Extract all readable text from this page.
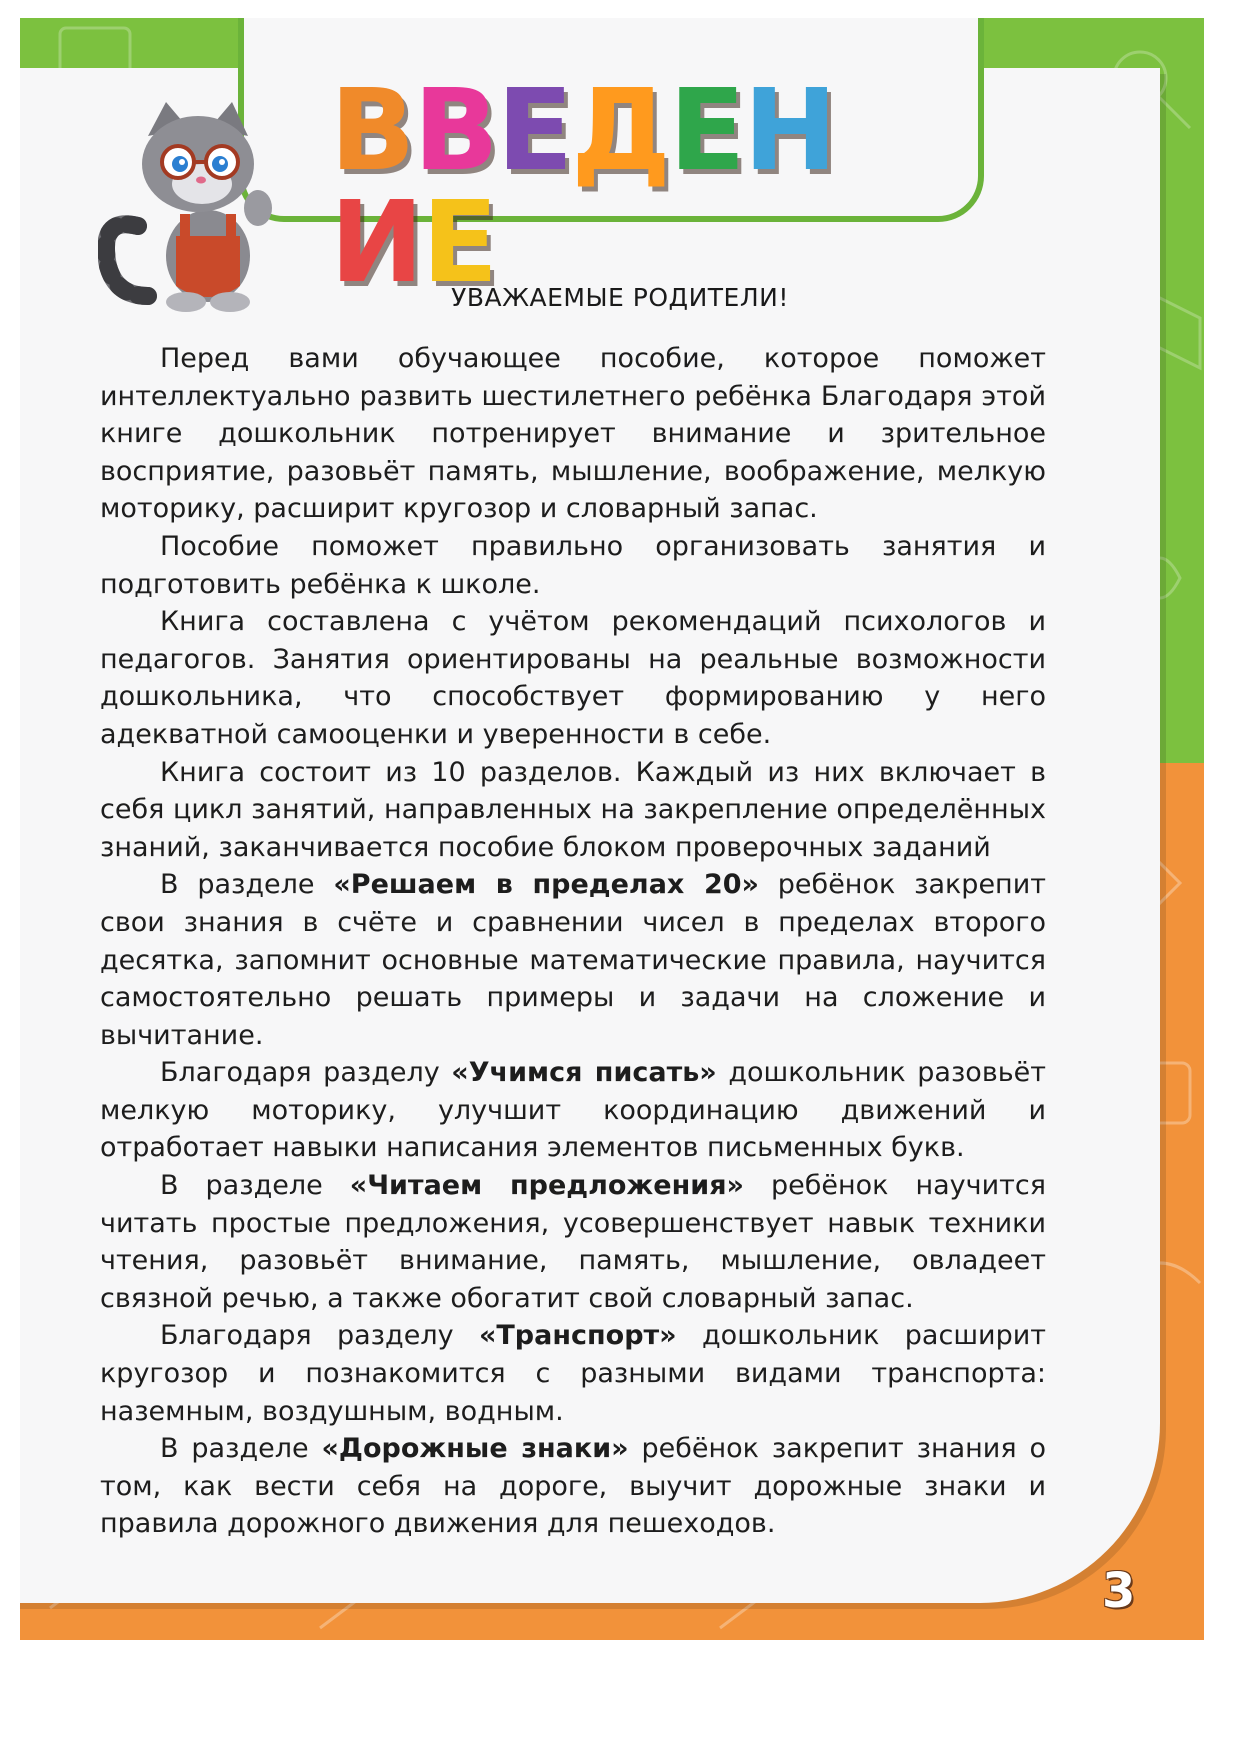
ВВЕДЕНИЕ
УВАЖАЕМЫЕ РОДИТЕЛИ!

Перед вами обучающее пособие, которое поможет интеллектуально развить шестилетнего ребёнка Благодаря этой книге дошкольник потренирует внимание и зрительное восприятие, разовьёт память, мышление, воображение, мелкую моторику, расширит кругозор и словарный запас.

Пособие поможет правильно организовать занятия и подготовить ребёнка к школе.

Книга составлена с учётом рекомендаций психологов и педагогов. Занятия ориентированы на реальные возможности дошкольника, что способствует формированию у него адекватной самооценки и уверенности в себе.

Книга состоит из 10 разделов. Каждый из них включает в себя цикл занятий, направленных на закрепление определённых знаний, заканчивается пособие блоком проверочных заданий

В разделе «Решаем в пределах 20» ребёнок закрепит свои знания в счёте и сравнении чисел в пределах второго десятка, запомнит основные математические правила, научится самостоятельно решать примеры и задачи на сложение и вычитание.

Благодаря разделу «Учимся писать» дошкольник разовьёт мелкую моторику, улучшит координацию движений и отработает навыки написания элементов письменных букв.

В разделе «Читаем предложения» ребёнок научится читать простые предложения, усовершенствует навык техники чтения, разовьёт внимание, память, мышление, овладеет связной речью, а также обогатит свой словарный запас.

Благодаря разделу «Транспорт» дошкольник расширит кругозор и познакомится с разными видами транспорта: наземным, воздушным, водным.

В разделе «Дорожные знаки» ребёнок закрепит знания о том, как вести себя на дороге, выучит дорожные знаки и правила дорожного движения для пешеходов.

3
